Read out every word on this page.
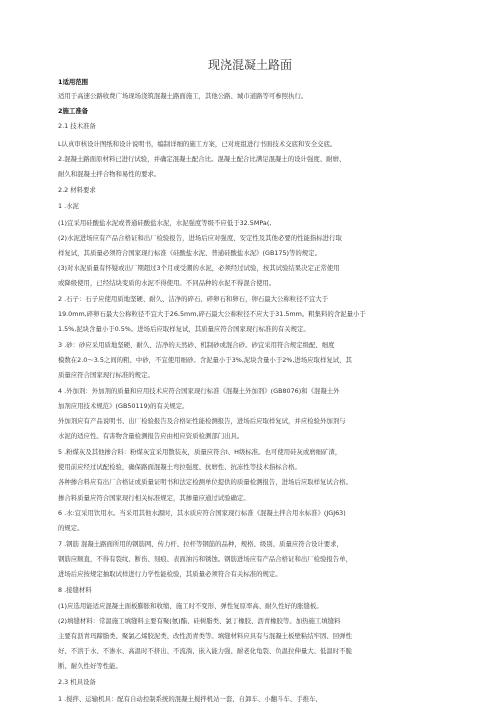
现浇混凝土路面
1适用范围
适用于高速公路收费广场现场浇筑混凝土路面施工，其他公路、城市道路等可参照执行。
2施工准备
2.1 技术准备
L认真审核设计图纸和设计说明书，编制详细的施工方案，已对班组进行书面技术交底和安全交底。
2.混凝土路面原材料已进行试验，并确定混凝土配合比。混凝土配合比满足混凝土的设计强度、耐磨、
耐久和混凝土拌合物和易性的要求。
2.2 材料要求
1 .水泥
(1)宜采用硅酸盐水泥或普通硅酸盐水泥，水泥强度等级不应低于32.5MPa(,
(2)水泥进场应有产品合格证和出厂检验报告，进场后应对强度、安定性及其他必要的性能指标进行取
样复试，其质量必须符合国家现行标准《硅酸盐水泥、普通硅酸盐水泥》(GB175)等的规定。
(3)对水泥质量有怀疑或出厂期超过3个月或受潮的水泥，必须经过试验，按其试验结果决定正常使用
或降级使用，已经结块变质的水泥不得使用。不同品种的水泥不得混合使用。
2 .石子：石子应使用质地坚硬、耐久、洁净的碎石、碎卵石和卵石，卵石最大公称粒径不宜大于
19.0mm,碎卵石最大公称粒径不宜大于26.5mm,碎石最大公称粒径不应大于31.5mm。粗集料的含泥量小于
1.5%,泥块含量小于0.5%。进场后应取样复试，其质量应符合国家现行标准的有关规定。
3 .砂：砂应采用质地坚硬、耐久、洁净的天然砂、机制砂或混合砂。砂宜采用符合规定级配、细度
模数在2.0〜3.5之间的粗、中砂，不宜使用细砂。含泥量小于3%,泥块含量小于2%,进场应取样复试，其
质量应符合国家现行标准的规定。
4 .外加剂：外加剂的质量和应用技术应符合国家现行标准《混凝土外加剂》(GB8076)和《混凝土外
加剂应用技术规范》(GB50119)的有关规定。
外加剂应有产品说明书、出厂检验报告及合格证性能检测报告，进场后应取样复试，并应检验外加剂与
水泥的适应性。有害物含量检测报告应由相应资质检测部门出具。
5 .粉煤灰及其他掺合料：粉煤灰宜采用散装灰，质量应符合I、H级标准。也可使用硅灰或磨细矿渣，
使用前应经过试配检验，确保路面混凝土弯拉强度、抗磨性、抗冻性等技术指标合格。
各种掺合料应有出厂合格证或质量证明书和法定检测单位提供的质量检测报告，进场后应取样复试合格。
掺合料质量应符合国家现行相关标准规定，其掺量应通过试验确定。
6 .水:宜采用饮用水。当采用其他水源时，其水质应符合国家现行标准《混凝土拌合用水标准》(JGJ63)
的规定。
7 .钢筋 混凝土路面所用的钢筋网、传力杆、拉杆等钢筋的品种，规格、级别、质量应符合设计要求，
钢筋应顺直，不得有裂纹、断伤、刻痕、表面油污和锈蚀。钢筋进场应有产品合格证和出厂检验报告单，
进场后应按规定抽取试样进行力学性能检验，其质量必须符合有关标准的规定。
8 .接缝材料
(1)应选用能适应混凝土面板膨胀和收缩、施工时不变形、弹性复原率高、耐久性好的胀缝板。
(2)填缝材料：常温施工填缝料主要有聚(氨)酯、硅树脂类、氯丁橡胶、沥青橡胶等。加热施工填缝料
主要有沥青玛蹄脂类、聚氯乙烯胶泥类、改性沥青类等。填缝材料应具有与混凝土板壁粘结牢固、回弹性
好、不溶于水、不渗水、高温时不挤出、不流淌、嵌入能力强、耐老化龟裂、负温拉伸量大、低温时不脆
断、耐久性好等性能。
2.3 机具设备
1 .搅拌、运输机具：配有自动控制系统的混凝土搅拌机站一套、自卸车、小翻斗车、手推车、
